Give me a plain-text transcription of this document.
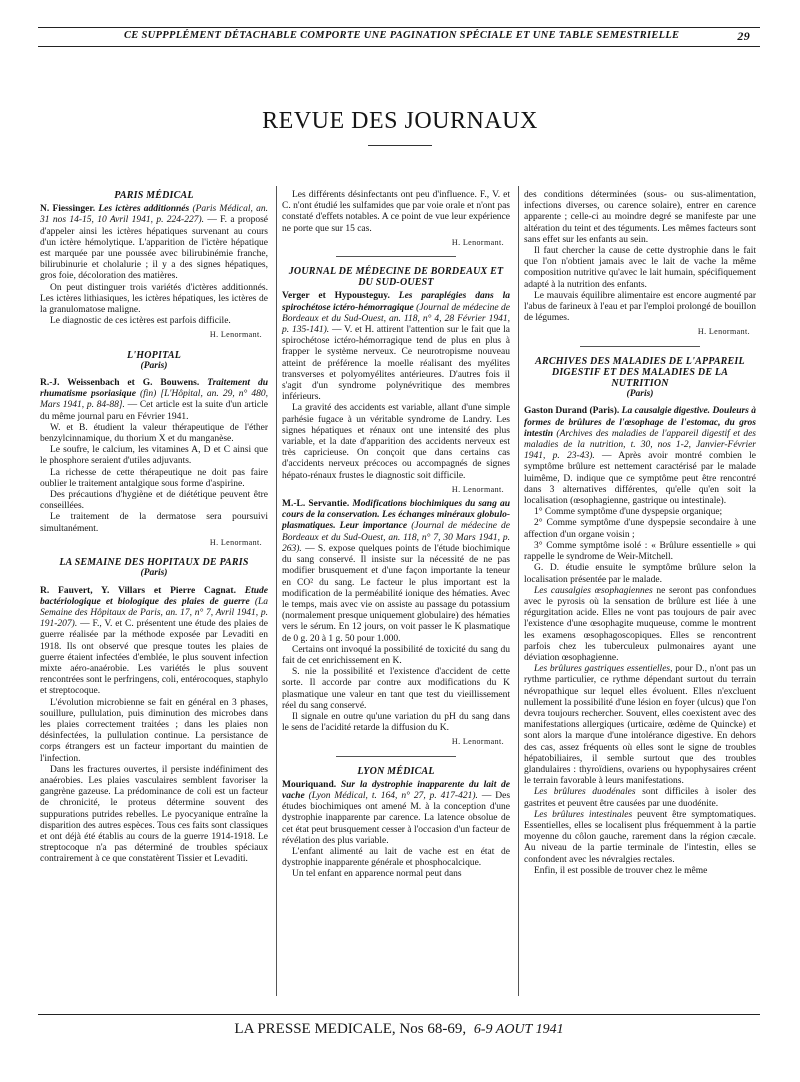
CE SUPPPLÉMENT DÉTACHABLE COMPORTE UNE PAGINATION SPÉCIALE ET UNE TABLE SEMESTRIELLE	29
REVUE DES JOURNAUX
PARIS MÉDICAL

N. Fiessinger. Les ictères additionnés (Paris Médical, an. 31 nos 14-15, 10 Avril 1941, p. 224-227). — F. a proposé d'appeler ainsi les ictères hépatiques survenant au cours d'un ictère hémolytique. L'apparition de l'ictère hépatique est marquée par une poussée avec bilirubinémie franche, bilirubinurie et cholalurie ; il y a des signes hépatiques, gros foie, décoloration des matières.

On peut distinguer trois variétés d'ictères additionnés. Les ictères lithiasiques, les ictères hépatiques, les ictères de la granulomatose maligne.

Le diagnostic de ces ictères est parfois difficile.

H. Lenormant.

L'HOPITAL
(Paris)

R.-J. Weissenbach et G. Bouwens. Traitement du rhumatisme psoriasique (fin) [L'Hôpital, an. 29, n° 480, Mars 1941, p. 84-88]. — Cet article est la suite d'un article du même journal paru en Février 1941.

W. et B. étudient la valeur thérapeutique de l'éther benzylcinnamique, du thorium X et du manganèse.

Le soufre, le calcium, les vitamines A, D et C ainsi que le phosphore seraient d'utiles adjuvants.

La richesse de cette thérapeutique ne doit pas faire oublier le traitement antalgique sous forme d'aspirine.

Des précautions d'hygiène et de diététique peuvent être conseillées.

Le traitement de la dermatose sera poursuivi simultanément.

H. Lenormant.

LA SEMAINE DES HOPITAUX DE PARIS
(Paris)

R. Fauvert, Y. Villars et Pierre Cagnat. Etude bactériologique et biologique des plaies de guerre (La Semaine des Hôpitaux de Paris, an. 17, n° 7, Avril 1941, p. 191-207). — F., V. et C. présentent une étude des plaies de guerre réalisée par la méthode exposée par Levaditi en 1918. Ils ont observé que presque toutes les plaies de guerre étaient infectées d'emblée, le plus souvent infection mixte aéro-anaérobie. Les variétés le plus souvent rencontrées sont le perfringens, coli, entérocoques, staphylo et streptocoque.

L'évolution microbienne se fait en général en 3 phases, souillure, pullulation, puis diminution des microbes dans les plaies correctement traitées ; dans les plaies non désinfectées, la pullulation continue. La persistance de corps étrangers est un facteur important du maintien de l'infection.

Dans les fractures ouvertes, il persiste indéfiniment des anaérobies. Les plaies vasculaires semblent favoriser la gangrène gazeuse. La prédominance de coli est un facteur de chronicité, le proteus détermine souvent des suppurations putrides rebelles. Le pyocyanique entraîne la disparition des autres espèces. Tous ces faits sont classiques et ont déjà été établis au cours de la guerre 1914-1918. Le streptocoque n'a pas déterminé de troubles spéciaux contrairement à ce que constatèrent Tissier et Levaditi.

Les différents désinfectants ont peu d'influence. F., V. et C. n'ont étudié les sulfamides que par voie orale et n'ont pas constaté d'effets notables. A ce point de vue leur expérience ne porte que sur 15 cas.

H. Lenormant.

JOURNAL DE MÉDECINE DE BORDEAUX ET DU SUD-OUEST

Verger et Hypousteguy. Les paraplégies dans la spirochétose ictéro-hémorragique (Journal de médecine de Bordeaux et du Sud-Ouest, an. 118, n° 4, 28 Février 1941, p. 135-141). — V. et H. attirent l'attention sur le fait que la spirochétose ictéro-hémorragique tend de plus en plus à frapper le système nerveux. Ce neurotropisme nouveau atteint de préférence la moelle réalisant des myélites transverses et polyomyélites antérieures. D'autres fois il s'agit d'un syndrome polynévritique des membres inférieurs.

La gravité des accidents est variable, allant d'une simple parhésie fugace à un véritable syndrome de Landry. Les signes hépatiques et rénaux ont une intensité des plus variable, et la date d'apparition des accidents nerveux est très capricieuse. On conçoit que dans certains cas d'accidents nerveux précoces ou accompagnés de signes hépato-rénaux frustes le diagnostic soit difficile.

H. Lenormant.

M.-L. Servantie. Modifications biochimiques du sang au cours de la conservation. Les échanges minéraux globulo-plasmatiques. Leur importance (Journal de médecine de Bordeaux et du Sud-Ouest, an. 118, n° 7, 30 Mars 1941, p. 263). — S. expose quelques points de l'étude biochimique du sang conservé. Il insiste sur la nécessité de ne pas modifier brusquement et d'une façon importante la teneur en CO² du sang. Le facteur le plus important est la modification de la perméabilité ionique des hématies. Avec le temps, mais avec vie on assiste au passage du potassium (normalement presque uniquement globulaire) des hématies vers le sérum. En 12 jours, on voit passer le K plasmatique de 0 g. 20 à 1 g. 50 pour 1.000.

Certains ont invoqué la possibilité de toxicité du sang du fait de cet enrichissement en K.

S. nie la possibilité et l'existence d'accident de cette sorte. Il accorde par contre aux modifications du K plasmatique une valeur en tant que test du vieillissement réel du sang conservé.

Il signale en outre qu'une variation du pH du sang dans le sens de l'acidité retarde la diffusion du K.

H. Lenormant.

LYON MÉDICAL

Mouriquand. Sur la dystrophie inapparente du lait de vache (Lyon Médical, t. 164, n° 27, p. 417-421). — Des études biochimiques ont amené M. à la conception d'une dystrophie inapparente par carence. La latence obsolue de cet état peut brusquement cesser à l'occasion d'un facteur de révélation des plus variable.

L'enfant alimenté au lait de vache est en état de dystrophie inapparente générale et phosphocalcique.

Un tel enfant en apparence normal peut dans

des conditions déterminées (sous- ou sus-alimentation, infections diverses, ou carence solaire), entrer en carence apparente ; celle-ci au moindre degré se manifeste par une altération du teint et des téguments. Les mêmes facteurs sont sans effet sur les enfants au sein.

Il faut chercher la cause de cette dystrophie dans le fait que l'on n'obtient jamais avec le lait de vache la même composition nutritive qu'avec le lait humain, spécifiquement adapté à la nutrition des enfants.

Le mauvais équilibre alimentaire est encore augmenté par l'abus de farineux à l'eau et par l'emploi prolongé de bouillon de légumes.

H. Lenormant.

ARCHIVES DES MALADIES DE L'APPAREIL DIGESTIF ET DES MALADIES DE LA NUTRITION
(Paris)

Gaston Durand (Paris). La causalgie digestive. Douleurs à formes de brûlures de l'œsophage de l'estomac, du gros intestin (Archives des maladies de l'appareil digestif et des maladies de la nutrition, t. 30, nos 1-2, Janvier-Février 1941, p. 23-43). — Après avoir montré combien le symptôme brûlure est nettement caractérisé par le malade luimême, D. indique que ce symptôme peut être rencontré dans 3 alternatives différentes, qu'elle qu'en soit la localisation (œsophagienne, gastrique ou intestinale).

1° Comme symptôme d'une dyspepsie organique;

2° Comme symptôme d'une dyspepsie secondaire à une affection d'un organe voisin ;

3° Comme symptôme isolé : « Brûlure essentielle » qui rappelle le syndrome de Weir-Mitchell.

G. D. étudie ensuite le symptôme brûlure selon la localisation présentée par le malade.

Les causalgies œsophagiennes ne seront pas confondues avec le pyrosis où la sensation de brûlure est liée à une régurgitation acide. Elles ne vont pas toujours de pair avec l'existence d'une œsophagite muqueuse, comme le montrent les examens œsophagoscopiques. Elles se rencontrent parfois chez les tuberculeux pulmonaires ayant une déviation œsophagienne.

Les brûlures gastriques essentielles, pour D., n'ont pas un rythme particulier, ce rythme dépendant surtout du terrain névropathique sur lequel elles évoluent. Elles n'excluent nullement la possibilité d'une lésion en foyer (ulcus) que l'on devra toujours rechercher. Souvent, elles coexistent avec des manifestations allergiques (urticaire, œdème de Quincke) et sont alors la marque d'une intolérance digestive. En dehors des cas, assez fréquents où elles sont le signe de troubles hépatobiliaires, il semble surtout que des troubles glandulaires : thyroïdiens, ovariens ou hypophysaires créent le terrain favorable à leurs manifestations.

Les brûlures duodénales sont difficiles à isoler des gastrites et peuvent être causées par une duodénite.

Les brûlures intestinales peuvent être symptomatiques. Essentielles, elles se localisent plus fréquemment à la partie moyenne du côlon gauche, rarement dans la région cæcale. Au niveau de la partie terminale de l'intestin, elles se confondent avec les névralgies rectales.

Enfin, il est possible de trouver chez le même

LA PRESSE MEDICALE, Nos 68-69, 6-9 AOUT 1941
